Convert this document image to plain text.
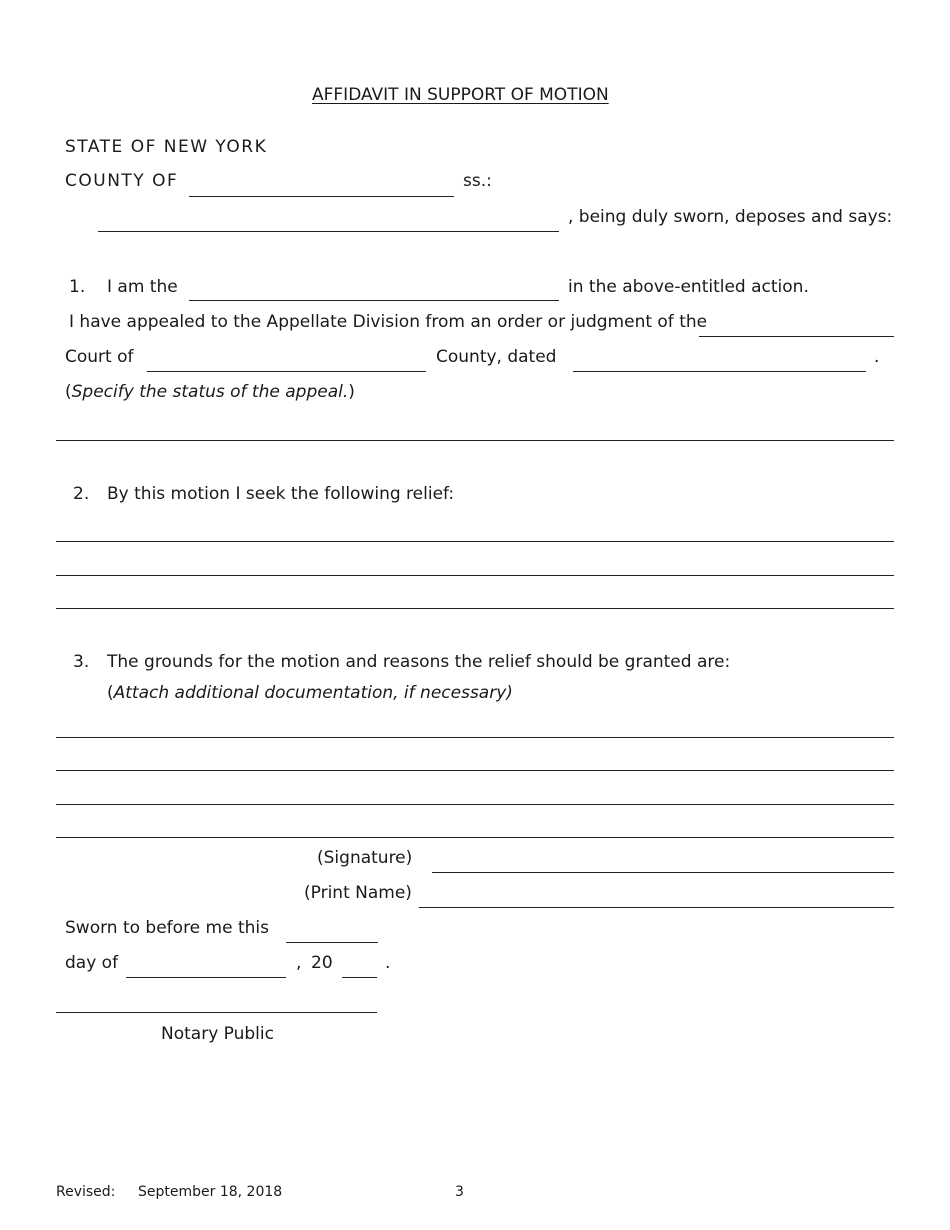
AFFIDAVIT IN SUPPORT OF MOTION
STATE OF NEW YORK
COUNTY OF	ss.:
, being duly sworn, deposes and says:
1. I am the	in the above-entitled action.
I have appealed to the Appellate Division from an order or judgment of the
Court of	County, dated	.
(Specify the status of the appeal.)
2. By this motion I seek the following relief:
3. The grounds for the motion and reasons the relief should be granted are:
(Attach additional documentation, if necessary)
(Signature)
(Print Name)
Sworn to before me this
day of	, 20	.
Notary Public
Revised: September 18, 2018	3
